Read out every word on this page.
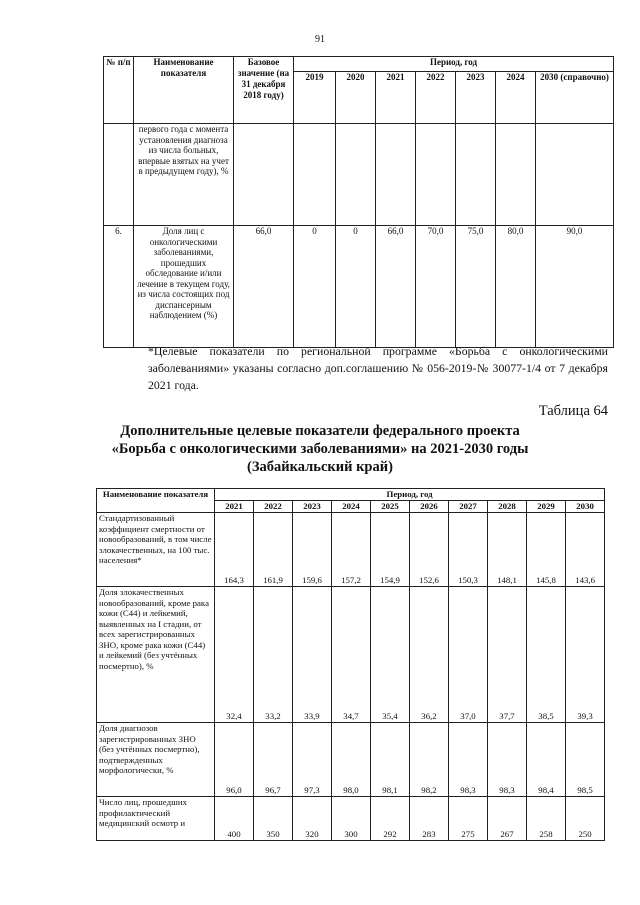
91
№ п/п	Наименование показателя	Базовое значение (на 31 декабря 2018 году)	Период, год						
			2019	2020	2021	2022	2023	2024	2030 (справочно)
	первого года с момента установления диагноза из числа больных, впервые взятых на учет в предыдущем году), %								
6.	Доля лиц с онкологическими заболеваниями, прошедших обследование и/или лечение в текущем году, из числа состоящих под диспансерным наблюдением (%)	66,0	0	0	66,0	70,0	75,0	80,0	90,0
*Целевые показатели по региональной программе «Борьба с онкологическими заболеваниями» указаны согласно доп.соглашению № 056-2019-№ 30077-1/4 от 7 декабря 2021 года.
Таблица 64
Дополнительные целевые показатели федерального проекта «Борьба с онкологическими заболеваниями» на 2021-2030 годы (Забайкальский край)
Наименование показателя	Период, год									
	2021	2022	2023	2024	2025	2026	2027	2028	2029	2030
Стандартизованный коэффициент смертности от новообразований, в том числе злокачественных, на 100 тыс. населения*	164,3	161,9	159,6	157,2	154,9	152,6	150,3	148,1	145,8	143,6
Доля злокачественных новообразований, кроме рака кожи (С44) и лейкемий, выявленных на I стадии, от всех зарегистрированных ЗНО, кроме рака кожи (С44) и лейкемий (без учтённых посмертно), %	32,4	33,2	33,9	34,7	35,4	36,2	37,0	37,7	38,5	39,3
Доля диагнозов зарегистрированных ЗНО (без учтённых посмертно), подтвержденных морфологически, %	96,0	96,7	97,3	98,0	98,1	98,2	98,3	98,3	98,4	98,5
Число лиц, прошедших профилактический медицинский осмотр и	400	350	320	300	292	283	275	267	258	250
